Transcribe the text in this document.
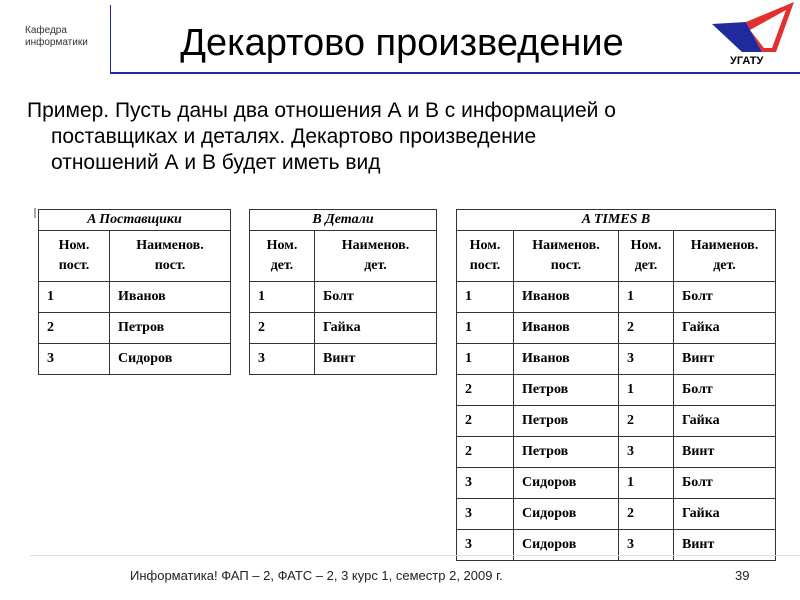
Кафедра
информатики	Декартово произведение	УГАТУ
Пример. Пусть даны два отношения А и В с информацией о
поставщиках и деталях. Декартово произведение
отношений А и В будет иметь вид
A Поставщики	

Ном.
пост.	Наименов.
пост.

1	Иванов
2	Петров
3	Сидоров
B Детали	

Ном.
дет.	Наименов.
дет.

1	Болт
2	Гайка
3	Винт
A TIMES B			

Ном.
пост.	Наименов.
пост.	Ном.
дет.	Наименов.
дет.

1	Иванов	1	Болт
1	Иванов	2	Гайка
1	Иванов	3	Винт
2	Петров	1	Болт
2	Петров	2	Гайка
2	Петров	3	Винт
3	Сидоров	1	Болт
3	Сидоров	2	Гайка
3	Сидоров	3	Винт
Информатика! ФАП – 2, ФАТС – 2, 3 курс 1, семестр 2, 2009 г.	39
